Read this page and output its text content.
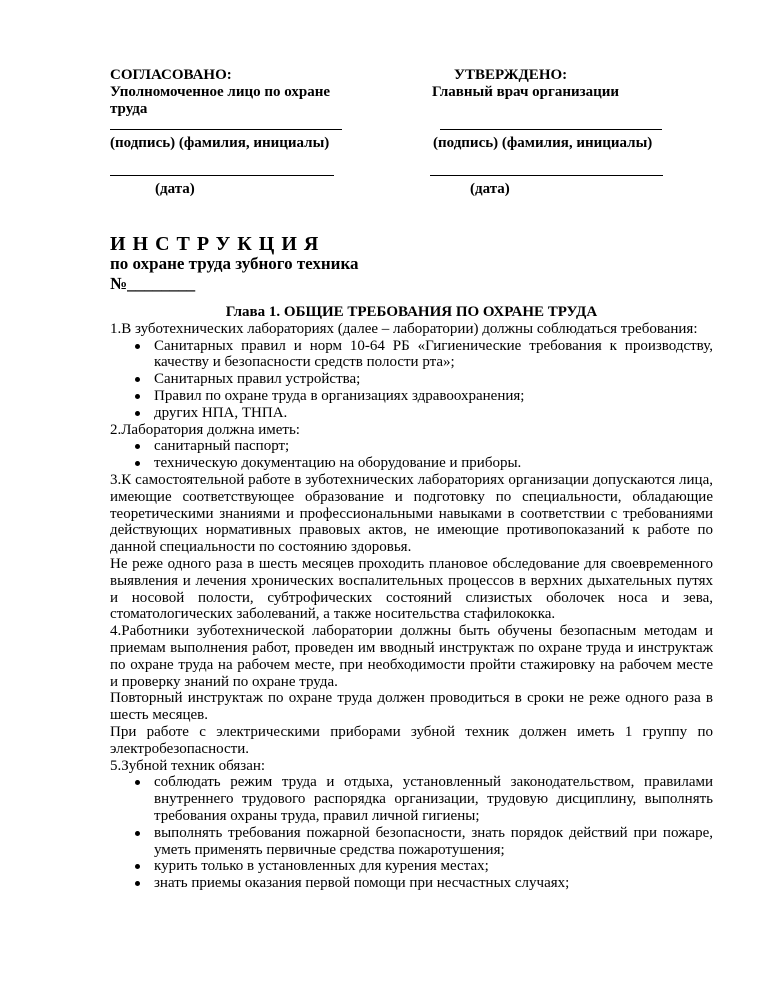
СОГЛАСОВАНО:
Уполномоченное лицо по охране
труда
(подпись) (фамилия, инициалы)
(дата)
УТВЕРЖДЕНО:
Главный врач организации
(подпись) (фамилия, инициалы)
(дата)
ИНСТРУКЦИЯ
по охране труда зубного техника
№________

Глава 1. ОБЩИЕ ТРЕБОВАНИЯ ПО ОХРАНЕ ТРУДА

1.В зуботехнических лабораториях (далее – лаборатории) должны соблюдаться требования:

Санитарных правил и норм 10-64 РБ «Гигиенические требования к производству, качеству и безопасности средств полости рта»;
Санитарных правил устройства;
Правил по охране труда в организациях здравоохранения;
других НПА, ТНПА.

2.Лаборатория должна иметь:

санитарный паспорт;
техническую документацию на оборудование и приборы.

3.К самостоятельной работе в зуботехнических лабораториях организации допускаются лица, имеющие соответствующее образование и подготовку по специальности, обладающие теоретическими знаниями и профессиональными навыками в соответствии с требованиями действующих нормативных правовых актов, не имеющие противопоказаний к работе по данной специальности по состоянию здоровья.

Не реже одного раза в шесть месяцев проходить плановое обследование для своевременного выявления и лечения хронических воспалительных процессов в верхних дыхательных путях и носовой полости, субтрофических состояний слизистых оболочек носа и зева, стоматологических заболеваний, а также носительства стафилококка.

4.Работники зуботехнической лаборатории должны быть обучены безопасным методам и приемам выполнения работ, проведен им вводный инструктаж по охране труда и инструктаж по охране труда на рабочем месте, при необходимости пройти стажировку на рабочем месте и проверку знаний по охране труда.

Повторный инструктаж по охране труда должен проводиться в сроки не реже одного раза в шесть месяцев.

При работе с электрическими приборами зубной техник должен иметь 1 группу по электробезопасности.

5.Зубной техник обязан:

соблюдать режим труда и отдыха, установленный законодательством, правилами внутреннего трудового распорядка организации, трудовую дисциплину, выполнять требования охраны труда, правил личной гигиены;
выполнять требования пожарной безопасности, знать порядок действий при пожаре, уметь применять первичные средства пожаротушения;
курить только в установленных для курения местах;
знать приемы оказания первой помощи при несчастных случаях;
